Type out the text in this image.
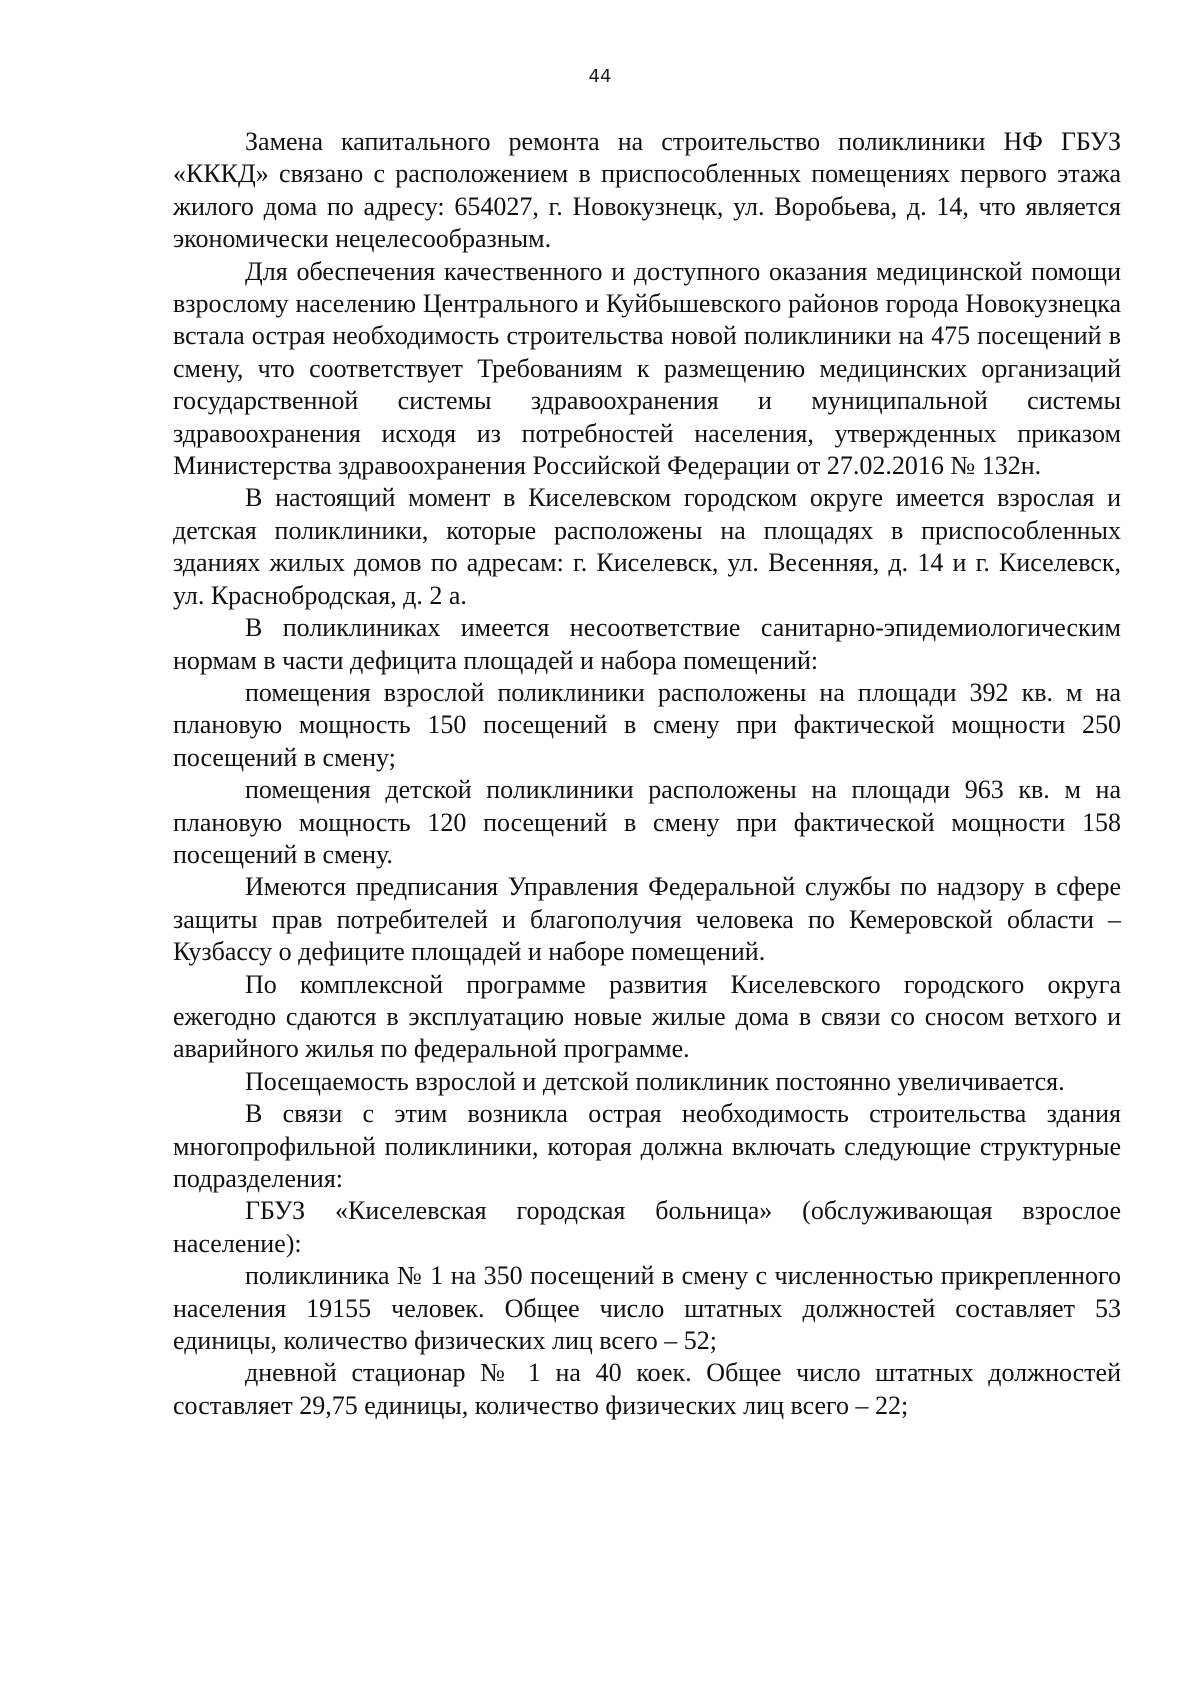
44

Замена капитального ремонта на строительство поликлиники НФ ГБУЗ «КККД» связано с расположением в приспособленных помещениях первого этажа жилого дома по адресу: 654027, г. Новокузнецк, ул. Воробьева, д. 14, что является экономически нецелесообразным.

Для обеспечения качественного и доступного оказания медицинской помощи взрослому населению Центрального и Куйбышевского районов города Новокузнецка встала острая необходимость строительства новой поликлиники на 475 посещений в смену, что соответствует Требованиям к размещению медицинских организаций государственной системы здравоохранения и муниципальной системы здравоохранения исходя из потребностей населения, утвержденных приказом Министерства здравоохранения Российской Федерации от 27.02.2016 № 132н.

В настоящий момент в Киселевском городском округе имеется взрослая и детская поликлиники, которые расположены на площадях в приспособленных зданиях жилых домов по адресам: г. Киселевск, ул. Весенняя, д. 14 и г. Киселевск, ул. Краснобродская, д. 2 а.

В поликлиниках имеется несоответствие санитарно-эпидемиологическим нормам в части дефицита площадей и набора помещений:

помещения взрослой поликлиники расположены на площади 392 кв. м на плановую мощность 150 посещений в смену при фактической мощности 250 посещений в смену;

помещения детской поликлиники расположены на площади 963 кв. м на плановую мощность 120 посещений в смену при фактической мощности 158 посещений в смену.

Имеются предписания Управления Федеральной службы по надзору в сфере защиты прав потребителей и благополучия человека по Кемеровской области – Кузбассу о дефиците площадей и наборе помещений.

По комплексной программе развития Киселевского городского округа ежегодно сдаются в эксплуатацию новые жилые дома в связи со сносом ветхого и аварийного жилья по федеральной программе.

Посещаемость взрослой и детской поликлиник постоянно увеличивается.

В связи с этим возникла острая необходимость строительства здания многопрофильной поликлиники, которая должна включать следующие структурные подразделения:

ГБУЗ «Киселевская городская больница» (обслуживающая взрослое население):

поликлиника № 1 на 350 посещений в смену с численностью прикрепленного населения 19155 человек. Общее число штатных должностей составляет 53 единицы, количество физических лиц всего – 52;

дневной стационар № 1 на 40 коек. Общее число штатных должностей составляет 29,75 единицы, количество физических лиц всего – 22;
